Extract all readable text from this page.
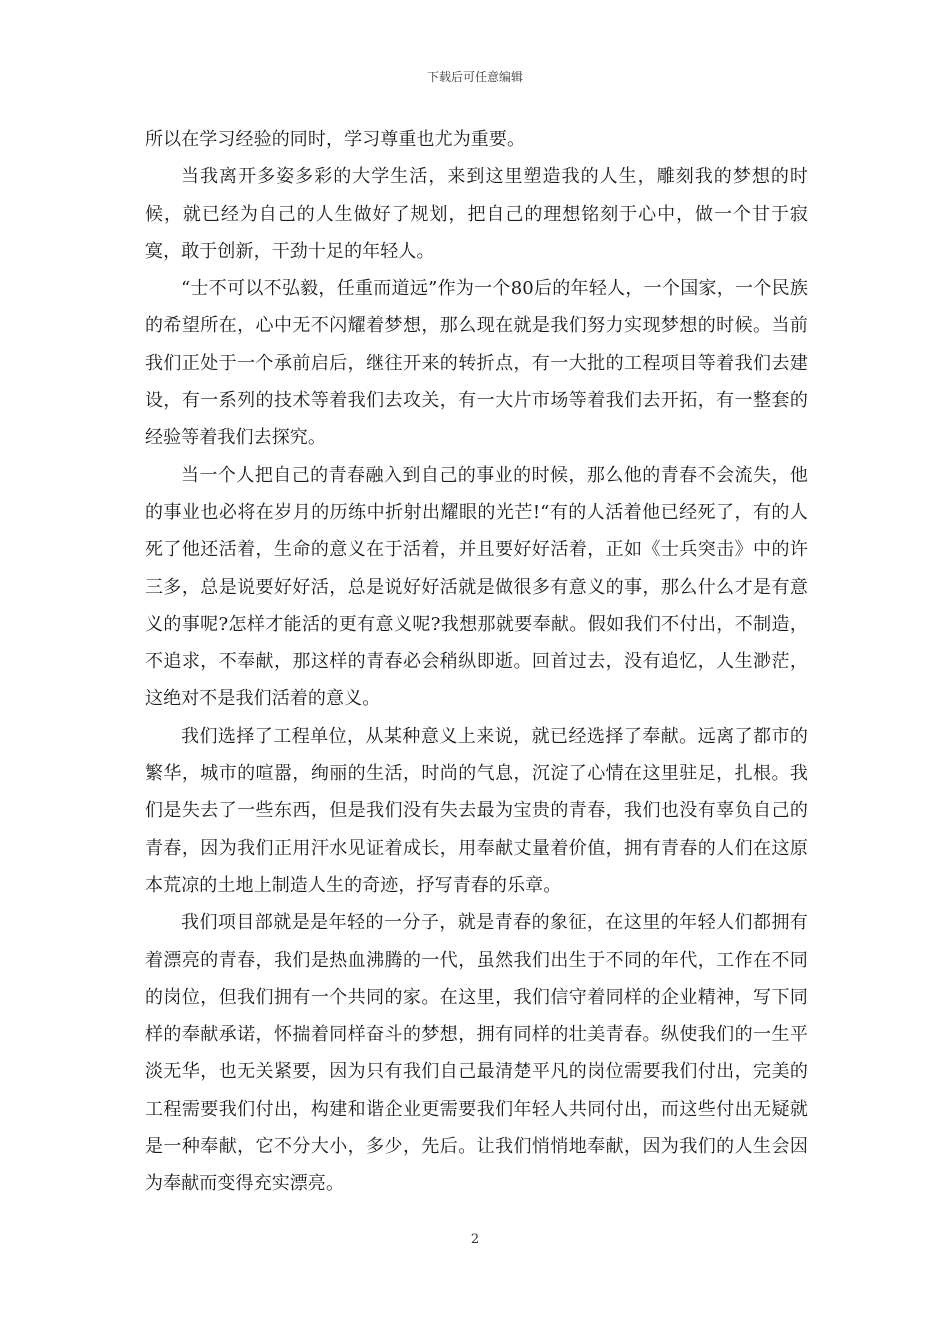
下载后可任意编辑

所以在学习经验的同时，学习尊重也尤为重要。

当我离开多姿多彩的大学生活，来到这里塑造我的人生，雕刻我的梦想的时候，就已经为自己的人生做好了规划，把自己的理想铭刻于心中，做一个甘于寂寞，敢于创新，干劲十足的年轻人。

“士不可以不弘毅，任重而道远”作为一个80后的年轻人，一个国家，一个民族的希望所在，心中无不闪耀着梦想，那么现在就是我们努力实现梦想的时候。当前我们正处于一个承前启后，继往开来的转折点，有一大批的工程项目等着我们去建设，有一系列的技术等着我们去攻关，有一大片市场等着我们去开拓，有一整套的经验等着我们去探究。

当一个人把自己的青春融入到自己的事业的时候，那么他的青春不会流失，他的事业也必将在岁月的历练中折射出耀眼的光芒!“有的人活着他已经死了，有的人死了他还活着，生命的意义在于活着，并且要好好活着，正如《士兵突击》中的许三多，总是说要好好活，总是说好好活就是做很多有意义的事，那么什么才是有意义的事呢?怎样才能活的更有意义呢?我想那就要奉献。假如我们不付出，不制造，不追求，不奉献，那这样的青春必会稍纵即逝。回首过去，没有追忆，人生渺茫，这绝对不是我们活着的意义。

我们选择了工程单位，从某种意义上来说，就已经选择了奉献。远离了都市的繁华，城市的喧嚣，绚丽的生活，时尚的气息，沉淀了心情在这里驻足，扎根。我们是失去了一些东西，但是我们没有失去最为宝贵的青春，我们也没有辜负自己的青春，因为我们正用汗水见证着成长，用奉献丈量着价值，拥有青春的人们在这原本荒凉的土地上制造人生的奇迹，抒写青春的乐章。

我们项目部就是是年轻的一分子，就是青春的象征，在这里的年轻人们都拥有着漂亮的青春，我们是热血沸腾的一代，虽然我们出生于不同的年代，工作在不同的岗位，但我们拥有一个共同的家。在这里，我们信守着同样的企业精神，写下同样的奉献承诺，怀揣着同样奋斗的梦想，拥有同样的壮美青春。纵使我们的一生平淡无华，也无关紧要，因为只有我们自己最清楚平凡的岗位需要我们付出，完美的工程需要我们付出，构建和谐企业更需要我们年轻人共同付出，而这些付出无疑就是一种奉献，它不分大小，多少，先后。让我们悄悄地奉献，因为我们的人生会因为奉献而变得充实漂亮。

2
